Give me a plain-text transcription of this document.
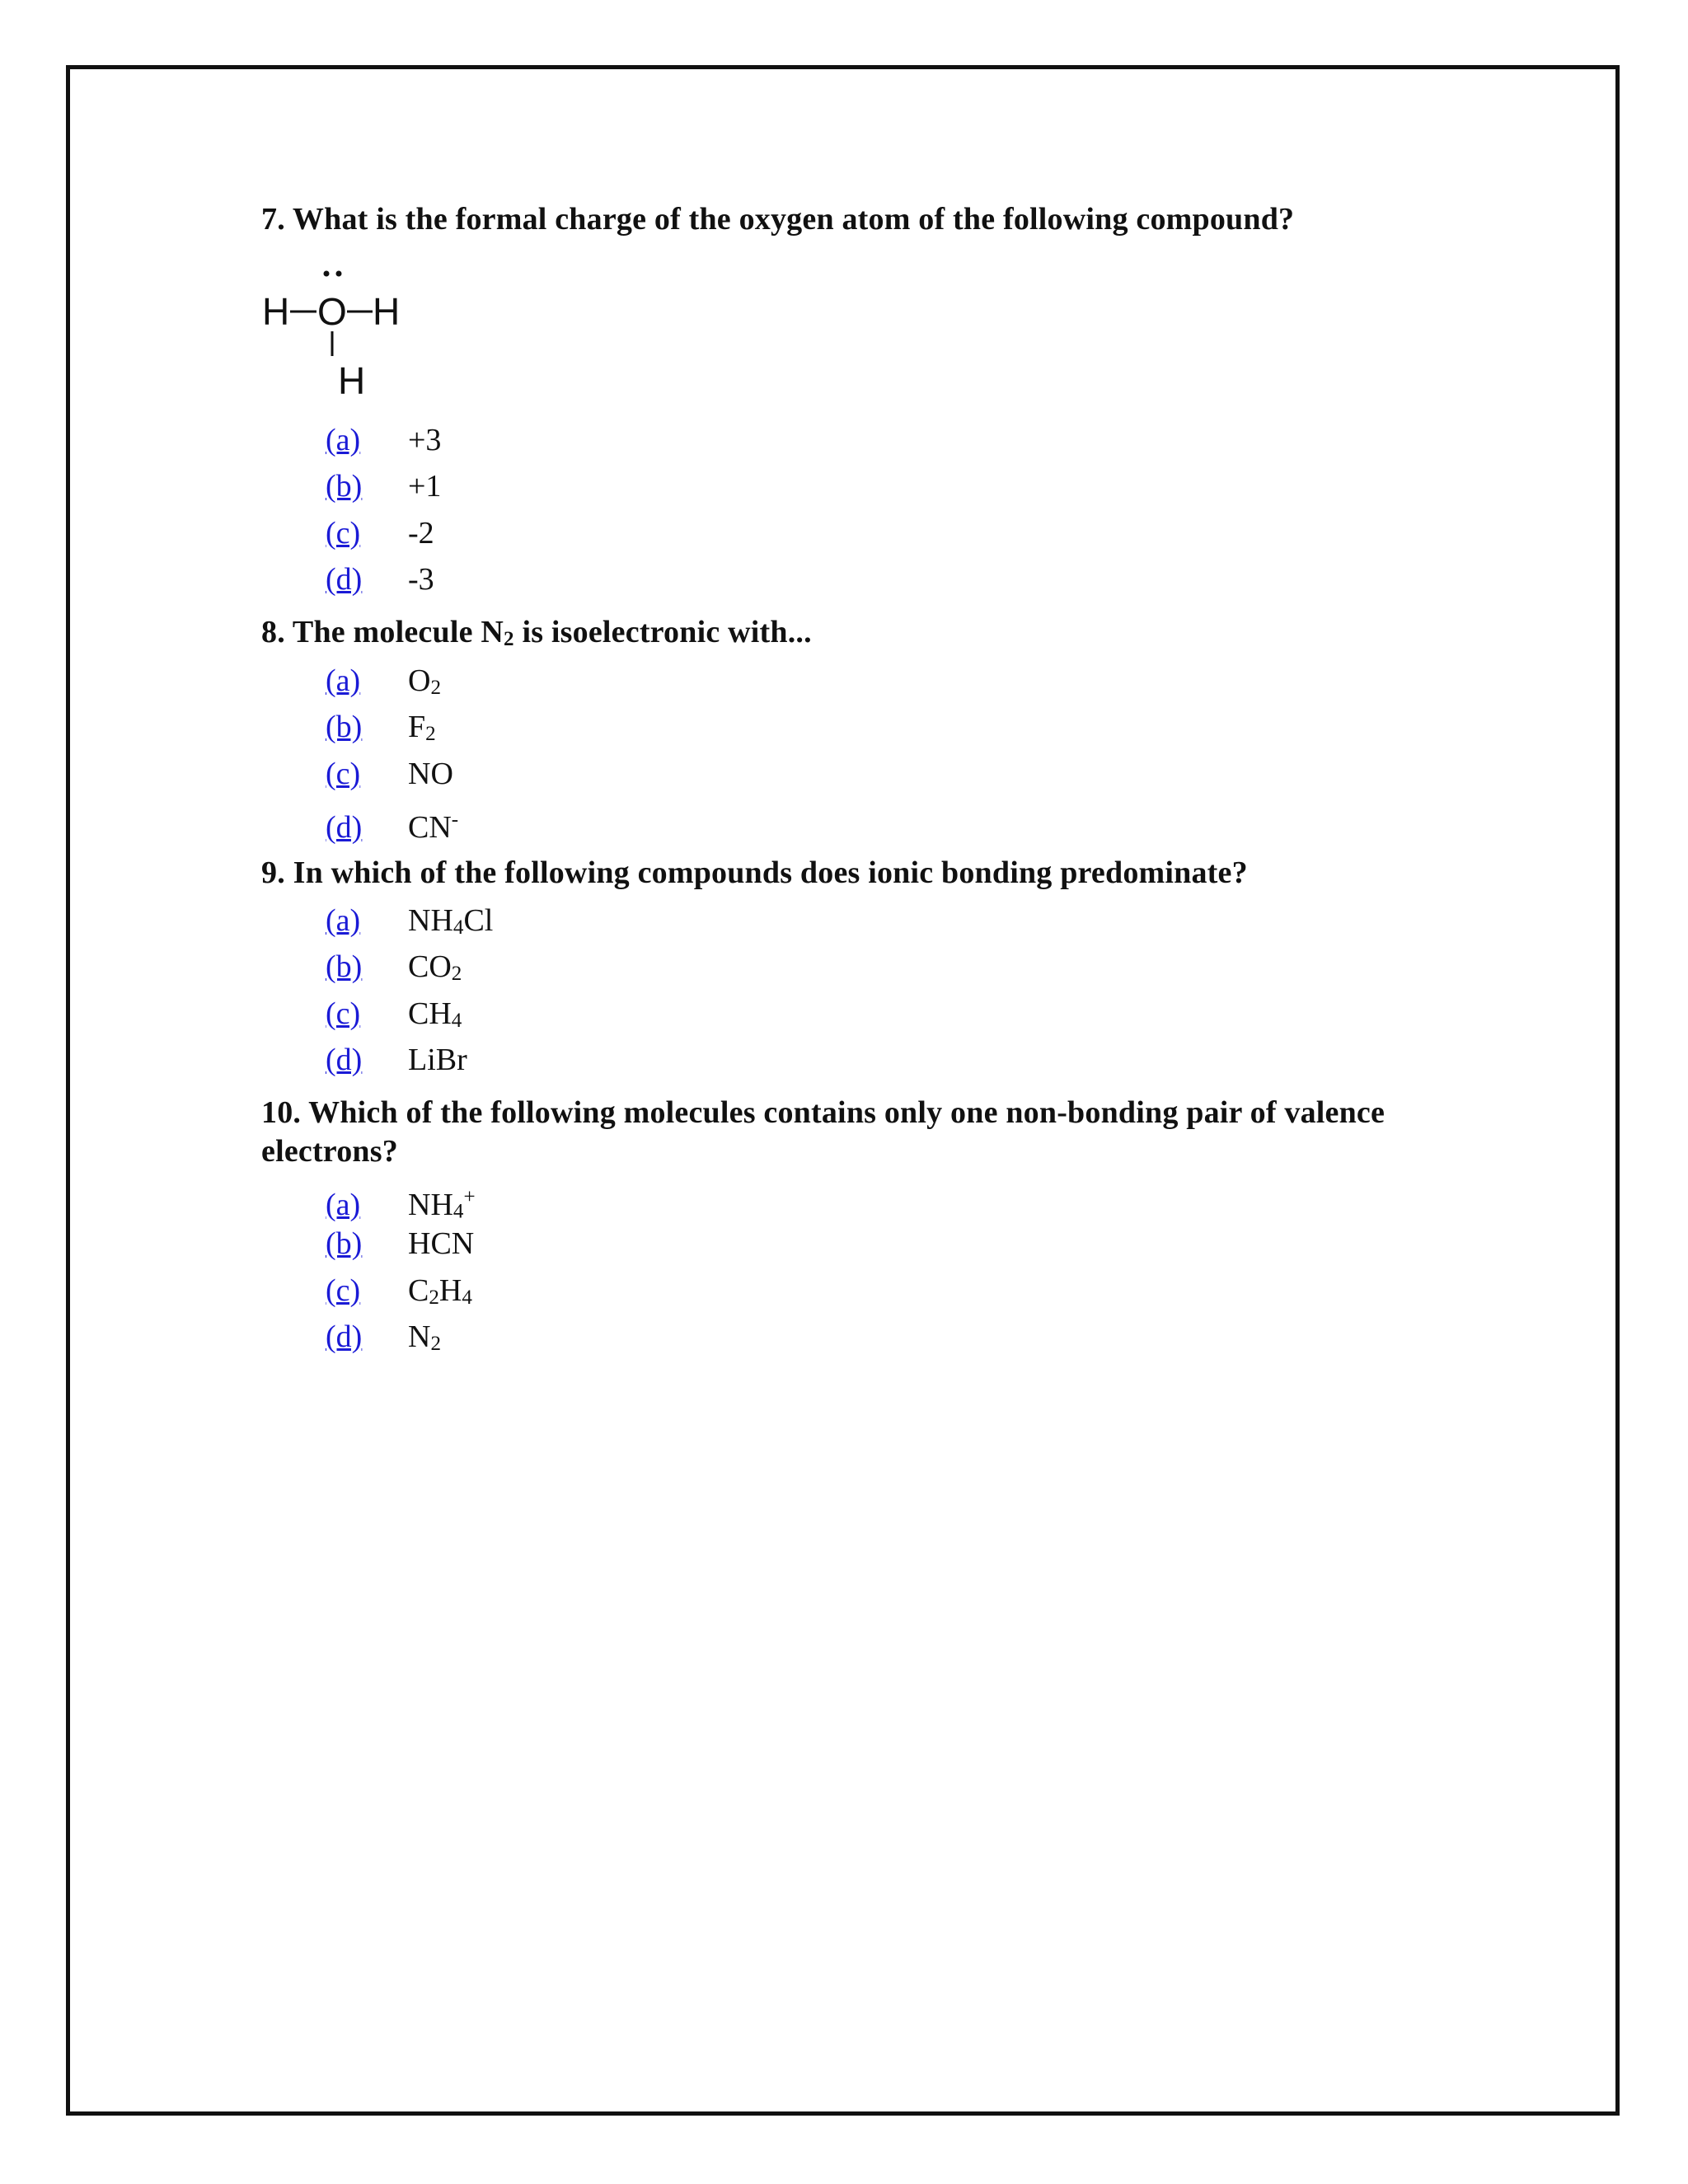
7. What is the formal charge of the oxygen atom of the following compound?

H O H
H
(a) +3
(b) +1
(c) -2
(d) -3

8. The molecule N2 is isoelectronic with...

(a) O2
(b) F2
(c) NO
(d) CN-

9. In which of the following compounds does ionic bonding predominate?

(a) NH4Cl
(b) CO2
(c) CH4
(d) LiBr

10. Which of the following molecules contains only one non-bonding pair of valence electrons?

(a) NH4+
(b) HCN
(c) C2H4
(d) N2
